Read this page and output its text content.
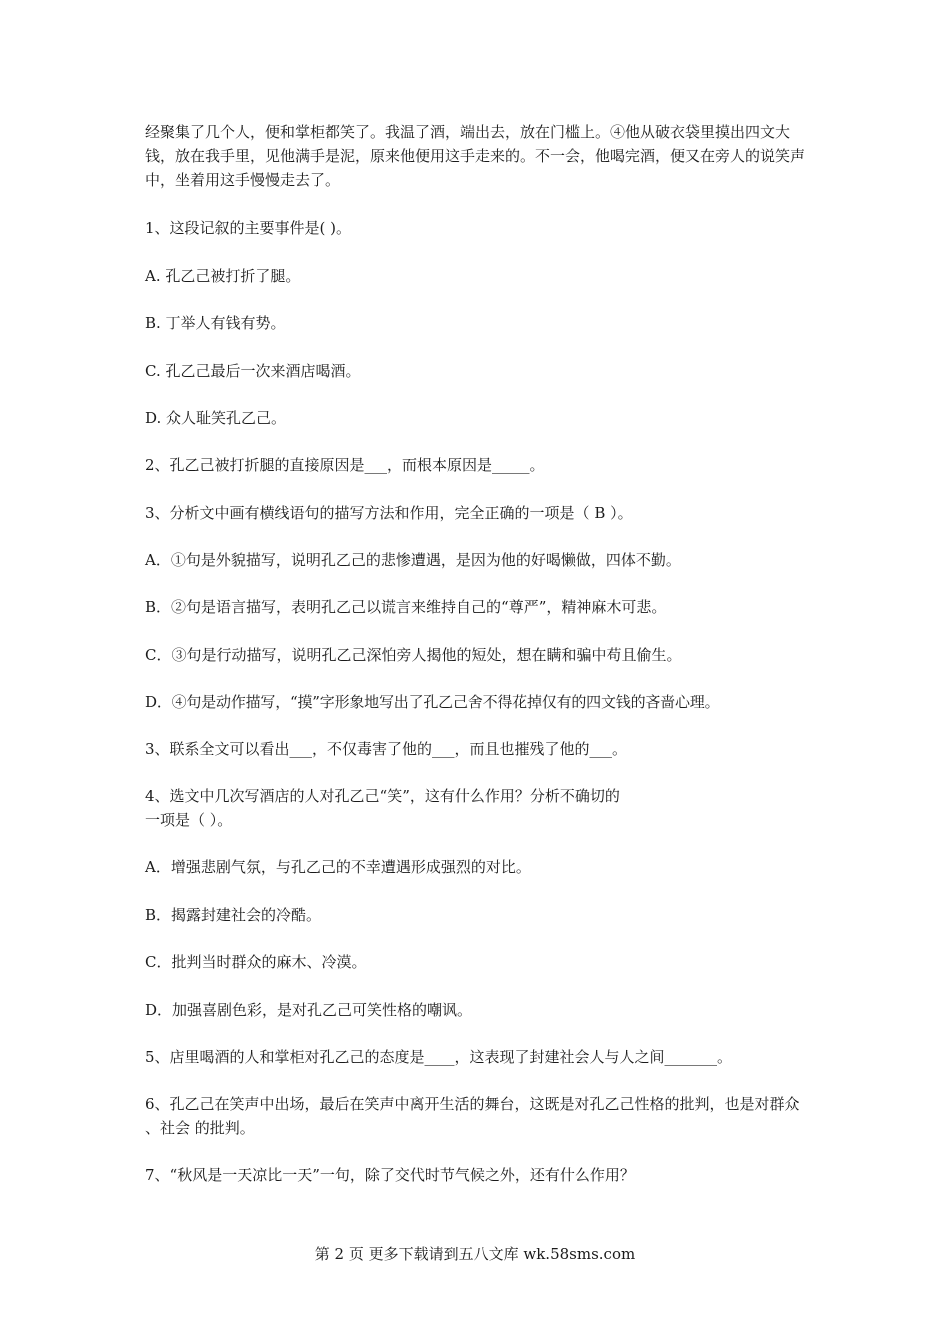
经聚集了几个人，便和掌柜都笑了。我温了酒，端出去，放在门槛上。④他从破衣袋里摸出四文大钱，放在我手里，见他满手是泥，原来他便用这手走来的。不一会，他喝完酒，便又在旁人的说笑声中，坐着用这手慢慢走去了。

1、这段记叙的主要事件是( )。

A. 孔乙己被打折了腿。

B. 丁举人有钱有势。

C. 孔乙己最后一次来酒店喝酒。

D. 众人耻笑孔乙己。

2、孔乙己被打折腿的直接原因是___，而根本原因是_____。

3、分析文中画有横线语句的描写方法和作用，完全正确的一项是（ B ）。

A．①句是外貌描写，说明孔乙己的悲惨遭遇，是因为他的好喝懒做，四体不勤。

B．②句是语言描写，表明孔乙己以谎言来维持自己的“尊严”，精神麻木可悲。

C．③句是行动描写，说明孔乙己深怕旁人揭他的短处，想在瞒和骗中苟且偷生。

D．④句是动作描写，“摸”字形象地写出了孔乙己舍不得花掉仅有的四文钱的吝啬心理。

3、联系全文可以看出___，不仅毒害了他的___，而且也摧残了他的___。

4、选文中几次写酒店的人对孔乙己“笑”，这有什么作用？分析不确切的

一项是（ ）。

A．增强悲剧气氛，与孔乙己的不幸遭遇形成强烈的对比。

B．揭露封建社会的冷酷。

C．批判当时群众的麻木、冷漠。

D．加强喜剧色彩，是对孔乙己可笑性格的嘲讽。

5、店里喝酒的人和掌柜对孔乙己的态度是____，这表现了封建社会人与人之间_______。

6、孔乙己在笑声中出场，最后在笑声中离开生活的舞台，这既是对孔乙己性格的批判，也是对群众 、社会 的批判。

7、“秋风是一天凉比一天”一句，除了交代时节气候之外，还有什么作用？

第 2 页 更多下载请到五八文库 wk.58sms.com
